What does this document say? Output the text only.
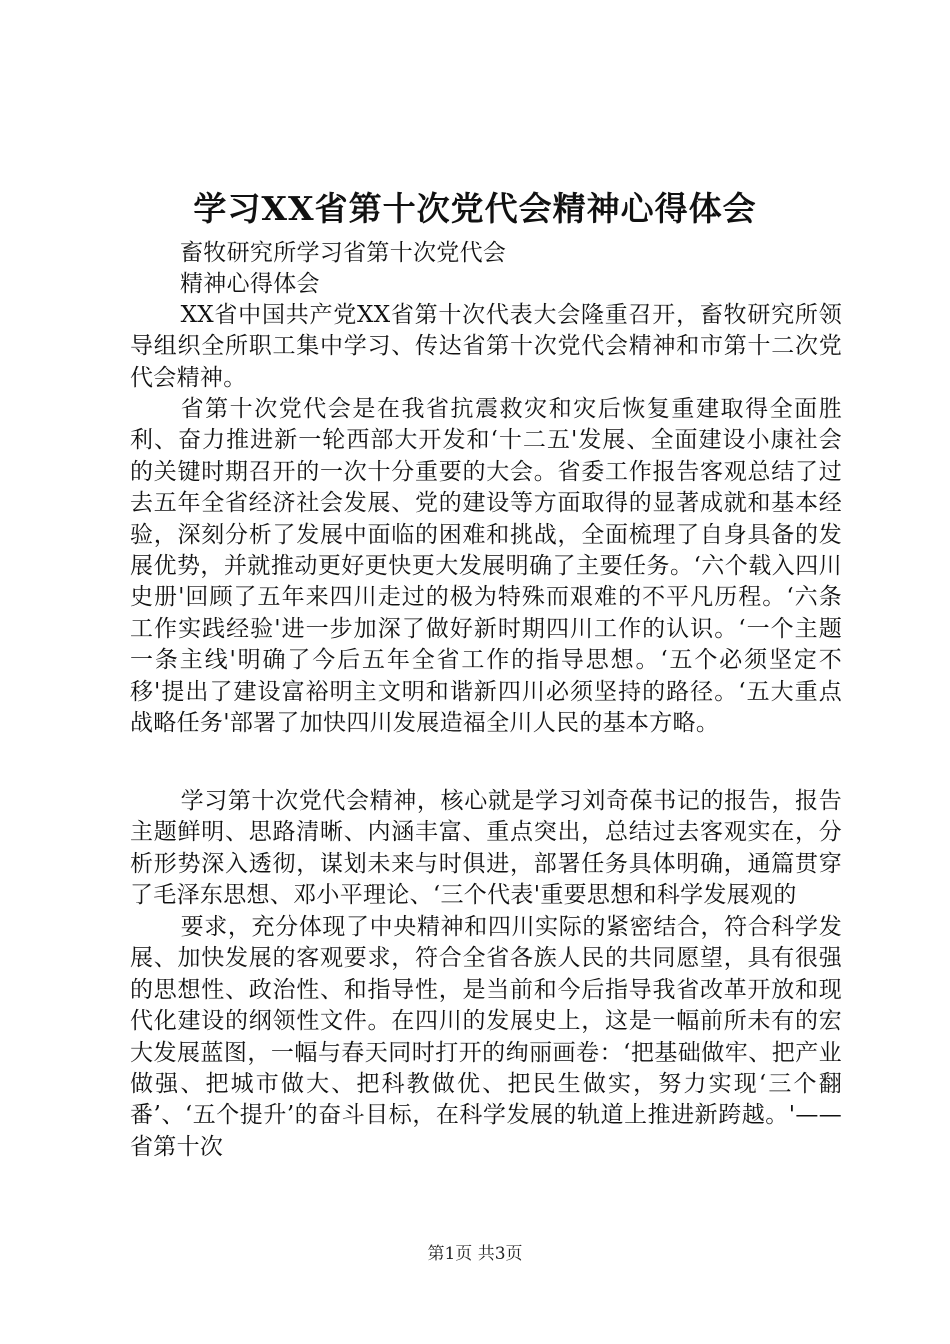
学习XX省第十次党代会精神心得体会

畜牧研究所学习省第十次党代会

精神心得体会

XX省中国共产党XX省第十次代表大会隆重召开，畜牧研究所领导组织全所职工集中学习、传达省第十次党代会精神和市第十二次党代会精神。

省第十次党代会是在我省抗震救灾和灾后恢复重建取得全面胜利、奋力推进新一轮西部大开发和‘十二五'发展、全面建设小康社会的关键时期召开的一次十分重要的大会。省委工作报告客观总结了过去五年全省经济社会发展、党的建设等方面取得的显著成就和基本经验，深刻分析了发展中面临的困难和挑战，全面梳理了自身具备的发展优势，并就推动更好更快更大发展明确了主要任务。‘六个载入四川史册'回顾了五年来四川走过的极为特殊而艰难的不平凡历程。‘六条工作实践经验'进一步加深了做好新时期四川工作的认识。‘一个主题一条主线'明确了今后五年全省工作的指导思想。‘五个必须坚定不移'提出了建设富裕明主文明和谐新四川必须坚持的路径。‘五大重点战略任务'部署了加快四川发展造福全川人民的基本方略。

学习第十次党代会精神，核心就是学习刘奇葆书记的报告，报告主题鲜明、思路清晰、内涵丰富、重点突出，总结过去客观实在，分析形势深入透彻，谋划未来与时俱进，部署任务具体明确，通篇贯穿了毛泽东思想、邓小平理论、‘三个代表'重要思想和科学发展观的

要求，充分体现了中央精神和四川实际的紧密结合，符合科学发展、加快发展的客观要求，符合全省各族人民的共同愿望，具有很强的思想性、政治性、和指导性，是当前和今后指导我省改革开放和现代化建设的纲领性文件。在四川的发展史上，这是一幅前所未有的宏大发展蓝图，一幅与春天同时打开的绚丽画卷：‘把基础做牢、把产业做强、把城市做大、把科教做优、把民生做实，努力实现‘三个翻番’、‘五个提升’的奋斗目标，在科学发展的轨道上推进新跨越。'——省第十次

第1页 共3页
